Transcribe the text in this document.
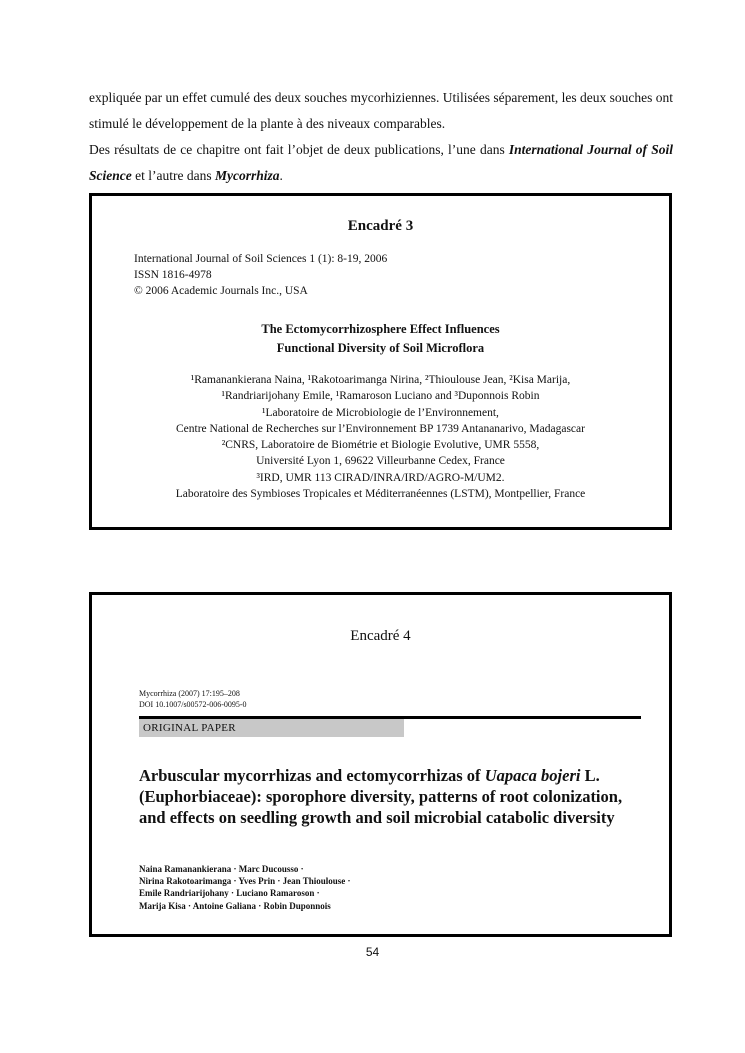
expliquée par un effet cumulé des deux souches mycorhiziennes. Utilisées séparement, les deux souches ont stimulé le développement de la plante à des niveaux comparables.

Des résultats de ce chapitre ont fait l’objet de deux publications, l’une dans International Journal of Soil Science et l’autre dans Mycorrhiza.

Encadré 3
International Journal of Soil Sciences 1 (1): 8-19, 2006
ISSN 1816-4978
© 2006 Academic Journals Inc., USA
The Ectomycorrhizosphere Effect Influences
Functional Diversity of Soil Microflora
¹Ramanankierana Naina, ¹Rakotoarimanga Nirina, ²Thioulouse Jean, ²Kisa Marija,
¹Randriarijohany Emile, ¹Ramaroson Luciano and ³Duponnois Robin
¹Laboratoire de Microbiologie de l’Environnement,
Centre National de Recherches sur l’Environnement BP 1739 Antananarivo, Madagascar
²CNRS, Laboratoire de Biométrie et Biologie Evolutive, UMR 5558,
Université Lyon 1, 69622 Villeurbanne Cedex, France
³IRD, UMR 113 CIRAD/INRA/IRD/AGRO-M/UM2.
Laboratoire des Symbioses Tropicales et Méditerranéennes (LSTM), Montpellier, France
Encadré 4
Mycorrhiza (2007) 17:195–208
DOI 10.1007/s00572-006-0095-0
ORIGINAL PAPER
Arbuscular mycorrhizas and ectomycorrhizas of Uapaca bojeri L. (Euphorbiaceae): sporophore diversity, patterns of root colonization, and effects on seedling growth and soil microbial catabolic diversity
Naina Ramanankierana · Marc Ducousso ·
Nirina Rakotoarimanga · Yves Prin · Jean Thioulouse ·
Emile Randriarijohany · Luciano Ramaroson ·
Marija Kisa · Antoine Galiana · Robin Duponnois
54
